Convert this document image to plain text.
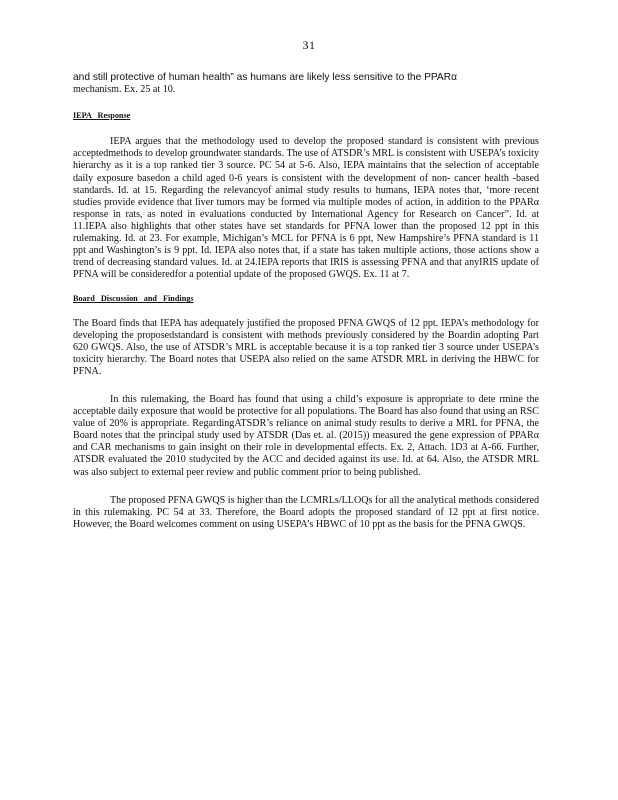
31

and still protective of human health” as humans are likely less sensitive to the PPARα

mechanism. Ex. 25 at 10.

IEPA Response

IEPA argues that the methodology used to develop the proposed standard is consistent with previous acceptedmethods to develop groundwater standards. The use of ATSDR’s MRL is consistent with USEPA’s toxicity hierarchy as it is a top ranked tier 3 source. PC 54 at 5-6. Also, IEPA maintains that the selection of acceptable daily exposure basedon a child aged 0-6 years is consistent with the development of non- cancer health -based standards. Id. at 15. Regarding the relevancyof animal study results to humans, IEPA notes that, ‘more recent studies provide evidence that liver tumors may be formed via multiple modes of action, in addition to the PPARα response in rats, as noted in evaluations conducted by International Agency for Research on Cancer”. Id. at 11.IEPA also highlights that other states have set standards for PFNA lower than the proposed 12 ppt in this rulemaking. Id. at 23. For example, Michigan’s MCL for PFNA is 6 ppt, New Hampshire’s PFNA standard is 11 ppt and Washington’s is 9 ppt. Id. IEPA also notes that, if a state has taken multiple actions, those actions show a trend of decreasing standard values. Id. at 24.IEPA reports that IRIS is assessing PFNA and that anyIRIS update of PFNA will be consideredfor a potential update of the proposed GWQS. Ex. 11 at 7.

Board Discussion and Findings

The Board finds that IEPA has adequately justified the proposed PFNA GWQS of 12 ppt. IEPA’s methodology for developing the proposedstandard is consistent with methods previously considered by the Boardin adopting Part 620 GWQS. Also, the use of ATSDR’s MRL is acceptable because it is a top ranked tier 3 source under USEPA’s toxicity hierarchy. The Board notes that USEPA also relied on the same ATSDR MRL in deriving the HBWC for PFNA.

In this rulemaking, the Board has found that using a child’s exposure is appropriate to dete rmine the acceptable daily exposure that would be protective for all populations. The Board has also found that using an RSC value of 20% is appropriate. RegardingATSDR’s reliance on animal study results to derive a MRL for PFNA, the Board notes that the principal study used by ATSDR (Das et. al. (2015)) measured the gene expression of PPARα and CAR mechanisms to gain insight on their role in developmental effects. Ex. 2, Attach. 1D3 at A-66. Further, ATSDR evaluated the 2010 studycited by the ACC and decided against its use. Id. at 64. Also, the ATSDR MRL was also subject to external peer review and public comment prior to being published.

The proposed PFNA GWQS is higher than the LCMRLs/LLOQs for all the analytical methods considered in this rulemaking. PC 54 at 33. Therefore, the Board adopts the proposed standard of 12 ppt at first notice. However, the Board welcomes comment on using USEPA’s HBWC of 10 ppt as the basis for the PFNA GWQS.
